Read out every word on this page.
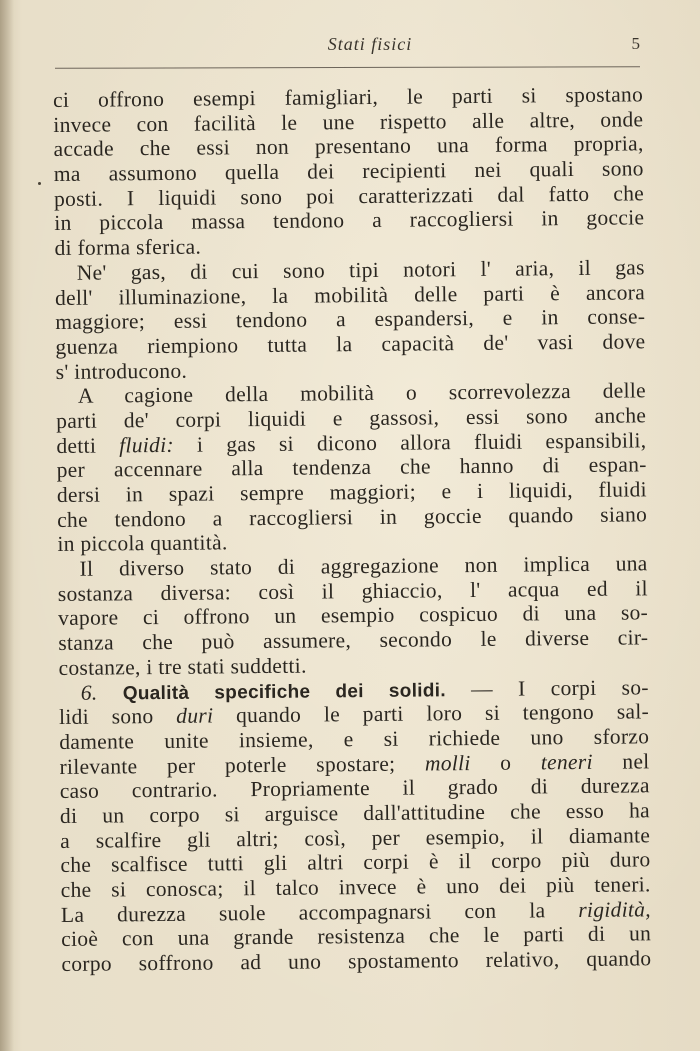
Stati fisici	5
ci offrono esempi famigliari, le parti si spostano
invece con facilità le une rispetto alle altre, onde
accade che essi non presentano una forma propria,
ma assumono quella dei recipienti nei quali sono
posti. I liquidi sono poi caratterizzati dal fatto che
in piccola massa tendono a raccogliersi in goccie
di forma sferica.
Ne' gas, di cui sono tipi notori l' aria, il gas
dell' illuminazione, la mobilità delle parti è ancora
maggiore; essi tendono a espandersi, e in conse-
guenza riempiono tutta la capacità de' vasi dove
s' introducono.
A cagione della mobilità o scorrevolezza delle
parti de' corpi liquidi e gassosi, essi sono anche
detti fluidi: i gas si dicono allora fluidi espansibili,
per accennare alla tendenza che hanno di espan-
dersi in spazi sempre maggiori; e i liquidi, fluidi
che tendono a raccogliersi in goccie quando siano
in piccola quantità.
Il diverso stato di aggregazione non implica una
sostanza diversa: così il ghiaccio, l' acqua ed il
vapore ci offrono un esempio cospicuo di una so-
stanza che può assumere, secondo le diverse cir-
costanze, i tre stati suddetti.
6. Qualità specifiche dei solidi. — I corpi so-
lidi sono duri quando le parti loro si tengono sal-
damente unite insieme, e si richiede uno sforzo
rilevante per poterle spostare; molli o teneri nel
caso contrario. Propriamente il grado di durezza
di un corpo si arguisce dall'attitudine che esso ha
a scalfire gli altri; così, per esempio, il diamante
che scalfisce tutti gli altri corpi è il corpo più duro
che si conosca; il talco invece è uno dei più teneri.
La durezza suole accompagnarsi con la rigidità,
cioè con una grande resistenza che le parti di un
corpo soffrono ad uno spostamento relativo, quando
